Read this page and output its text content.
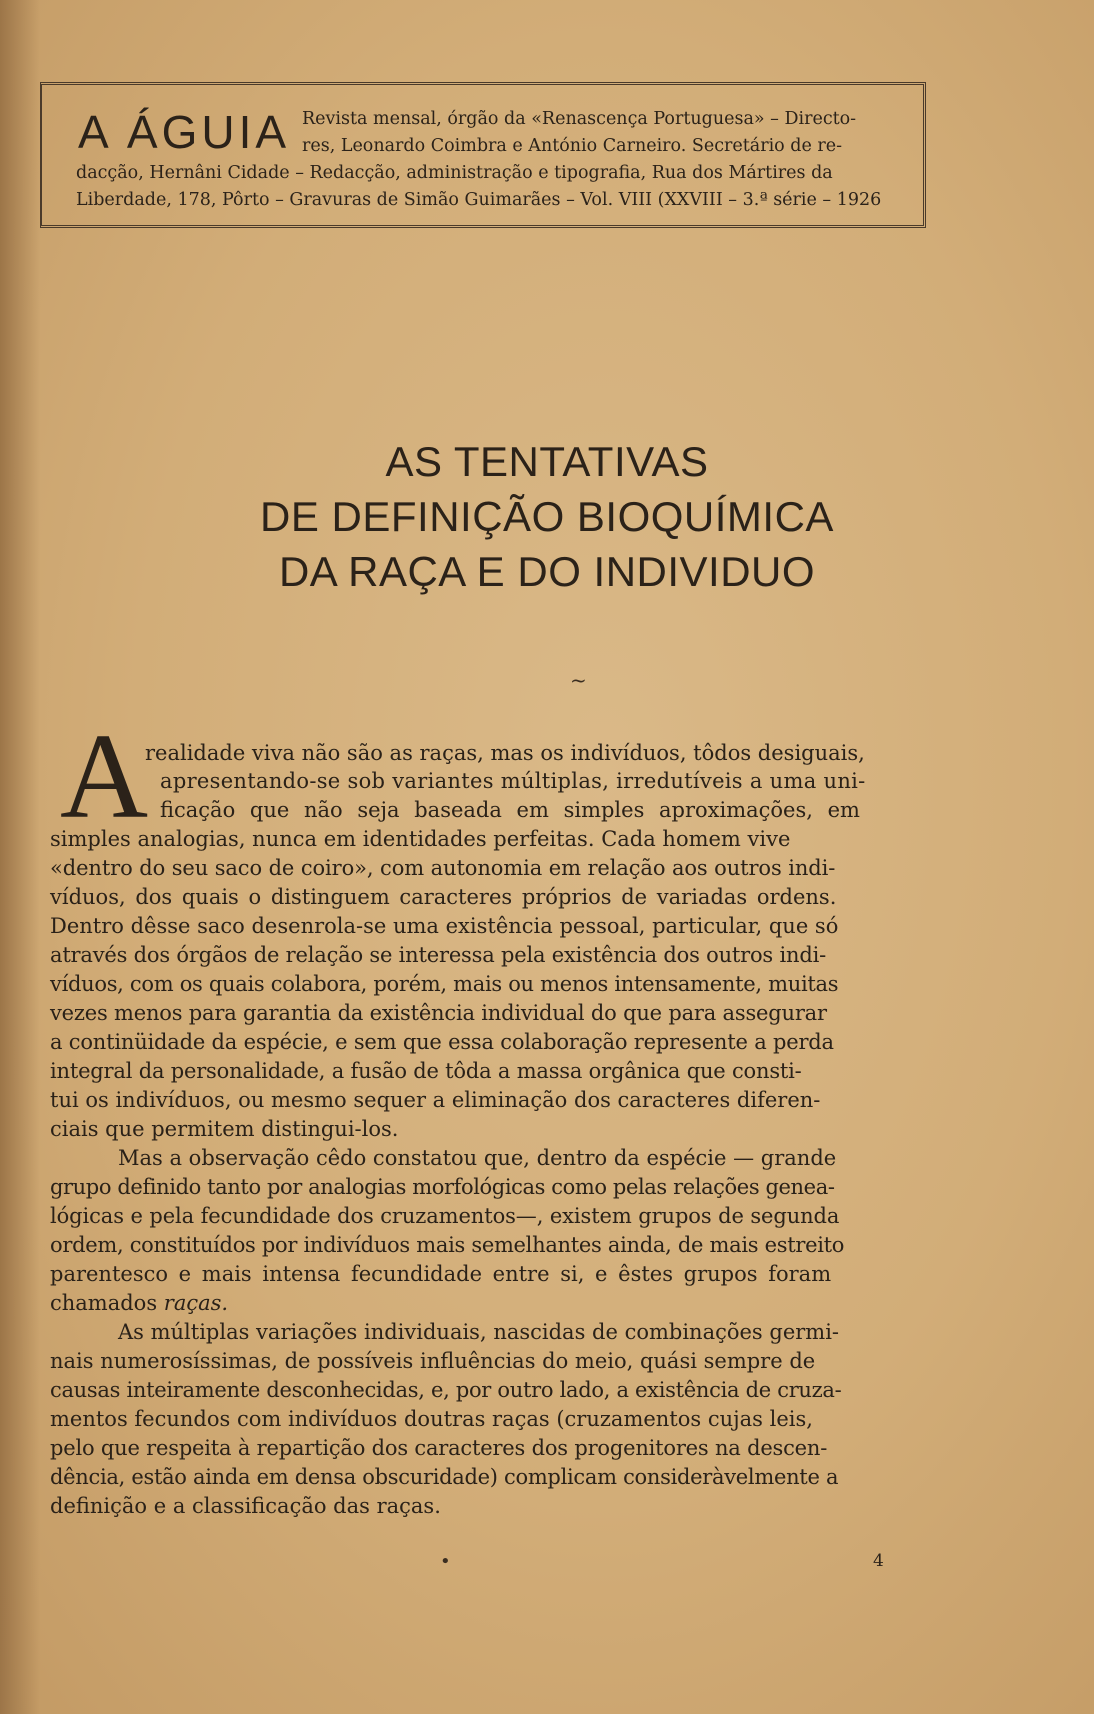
A ÁGUIA Revista mensal, órgão da «Renascença Portuguesa» – Directo-
res, Leonardo Coimbra e António Carneiro. Secretário de re-
dacção, Hernâni Cidade – Redacção, administração e tipografia, Rua dos Mártires da
Liberdade, 178, Pôrto – Gravuras de Simão Guimarães – Vol. VIII (XXVIII – 3.ª série – 1926
AS TENTATIVAS
DE DEFINIÇÃO BIOQUÍMICA
DA RAÇA E DO INDIVIDUO
~
A
realidade viva não são as raças, mas os indivíduos, tôdos desiguais,
apresentando-se sob variantes múltiplas, irredutíveis a uma uni-
ficação que não seja baseada em simples aproximações, em
simples analogias, nunca em identidades perfeitas. Cada homem vive
«dentro do seu saco de coiro», com autonomia em relação aos outros indi-
víduos, dos quais o distinguem caracteres próprios de variadas ordens.
Dentro dêsse saco desenrola-se uma existência pessoal, particular, que só
através dos órgãos de relação se interessa pela existência dos outros indi-
víduos, com os quais colabora, porém, mais ou menos intensamente, muitas
vezes menos para garantia da existência individual do que para assegurar
a continüidade da espécie, e sem que essa colaboração represente a perda
integral da personalidade, a fusão de tôda a massa orgânica que consti-
tui os indivíduos, ou mesmo sequer a eliminação dos caracteres diferen-
ciais que permitem distingui-los.
Mas a observação cêdo constatou que, dentro da espécie — grande
grupo definido tanto por analogias morfológicas como pelas relações genea-
lógicas e pela fecundidade dos cruzamentos—, existem grupos de segunda
ordem, constituídos por indivíduos mais semelhantes ainda, de mais estreito
parentesco e mais intensa fecundidade entre si, e êstes grupos foram
chamados raças.
As múltiplas variações individuais, nascidas de combinações germi-
nais numerosíssimas, de possíveis influências do meio, quási sempre de
causas inteiramente desconhecidas, e, por outro lado, a existência de cruza-
mentos fecundos com indivíduos doutras raças (cruzamentos cujas leis,
pelo que respeita à repartição dos caracteres dos progenitores na descen-
dência, estão ainda em densa obscuridade) complicam consideràvelmente a
definição e a classificação das raças.
•	4
